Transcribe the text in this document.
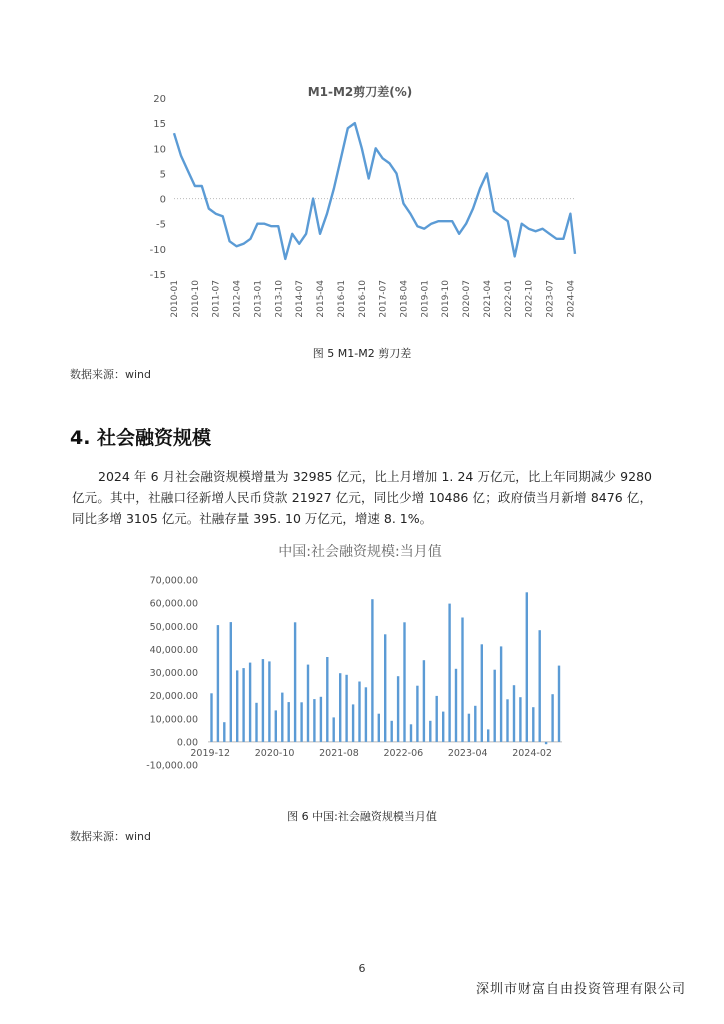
M1-M2剪刀差(%)
20
15
10
5
0
-5
-10
-15
2010-01 2010-10 2011-07 2012-04 2013-01 2013-10 2014-07 2015-04 2016-01 2016-10 2017-07 2018-04 2019-01 2019-10 2020-07 2021-04 2022-01 2022-10 2023-07 2024-04
图 5 M1-M2 剪刀差
数据来源：wind
4. 社会融资规模
2024 年 6 月社会融资规模增量为 32985 亿元，比上月增加 1. 24 万亿元，比上年同期减少 9280 亿元。其中，社融口径新增人民币贷款 21927 亿元，同比少增 10486 亿；政府债当月新增 8476 亿，同比多增 3105 亿元。社融存量 395. 10 万亿元，增速 8. 1%。
中国:社会融资规模:当月值
70,000.00
60,000.00
50,000.00
40,000.00
30,000.00
20,000.00
10,000.00
0.00
-10,000.00
2019-12	2020-10	2021-08	2022-06	2023-04	2024-02
图 6 中国:社会融资规模当月值
数据来源：wind
6
深圳市财富自由投资管理有限公司
